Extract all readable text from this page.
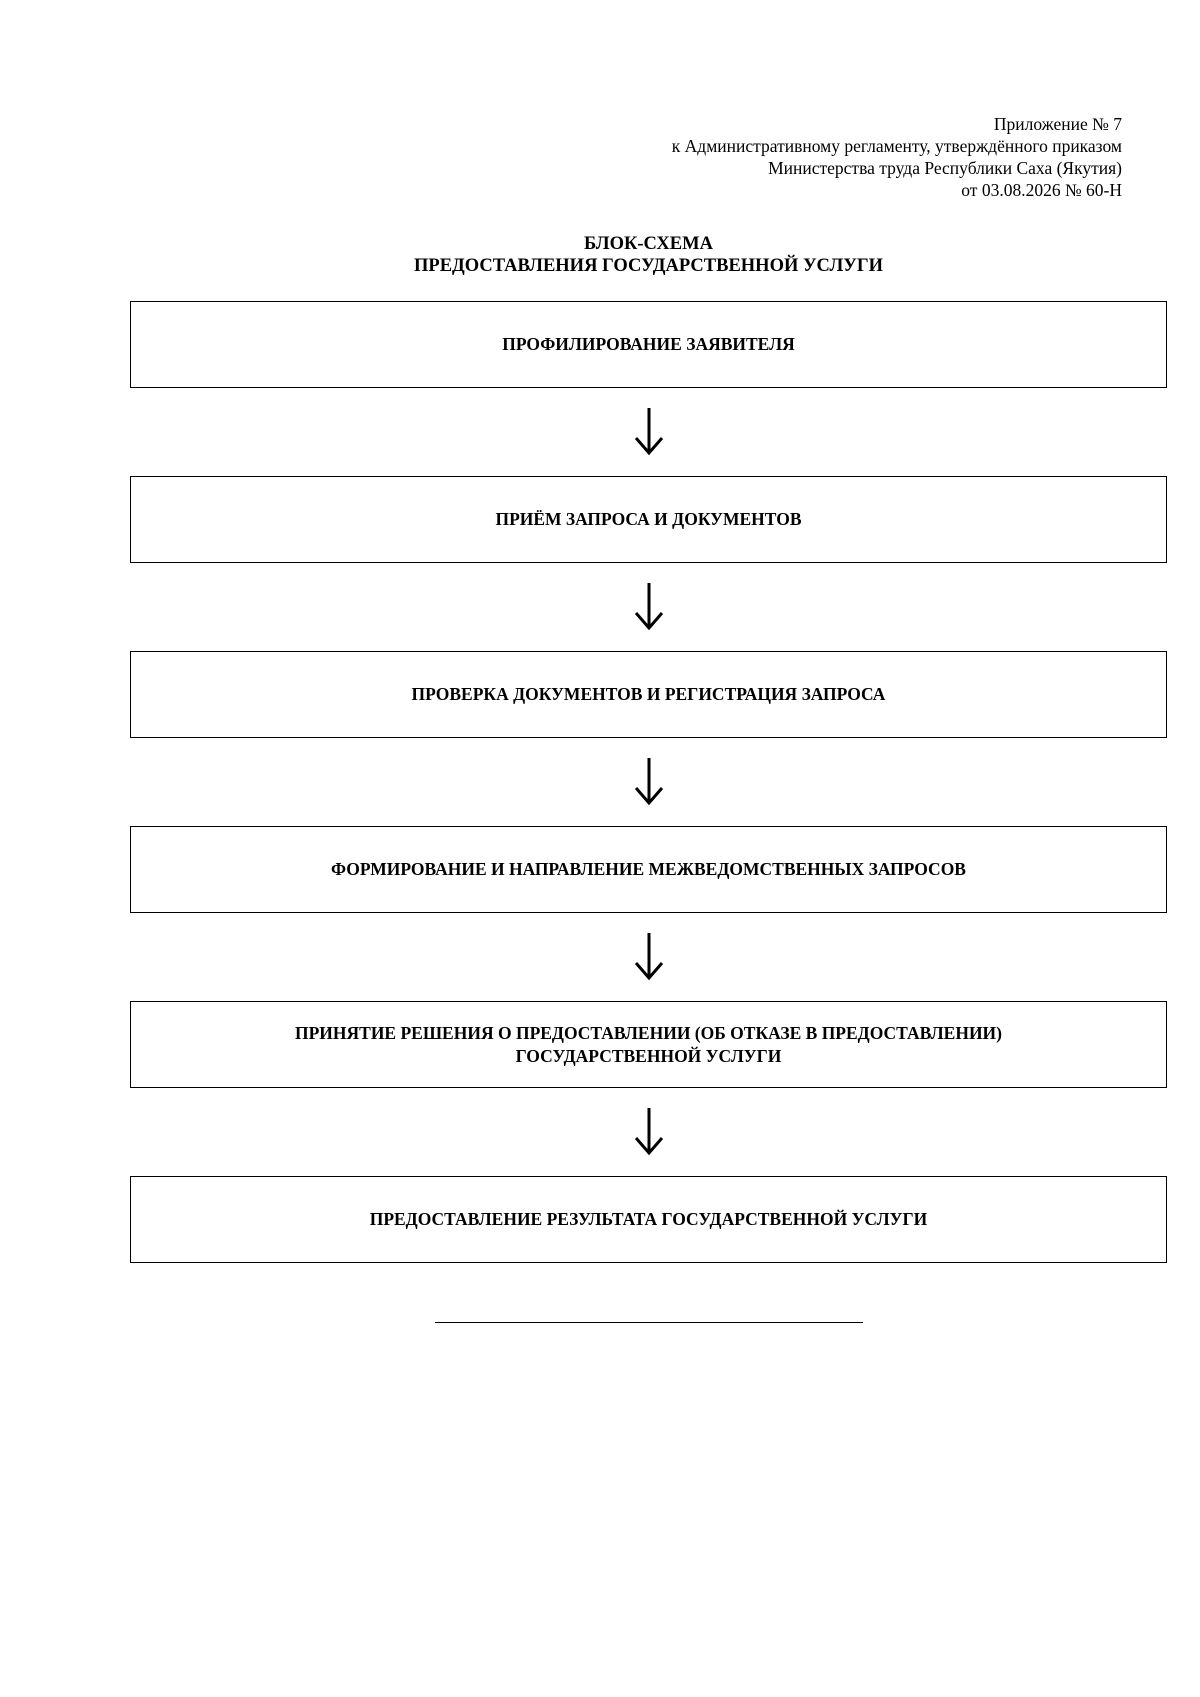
Приложение № 7
к Административному регламенту, утверждённого приказом
Министерства труда Республики Саха (Якутия)
от 03.08.2026 № 60-Н
БЛОК-СХЕМА
ПРЕДОСТАВЛЕНИЯ ГОСУДАРСТВЕННОЙ УСЛУГИ
ПРОФИЛИРОВАНИЕ ЗАЯВИТЕЛЯ
ПРИЁМ ЗАПРОСА И ДОКУМЕНТОВ
ПРОВЕРКА ДОКУМЕНТОВ И РЕГИСТРАЦИЯ ЗАПРОСА
ФОРМИРОВАНИЕ И НАПРАВЛЕНИЕ МЕЖВЕДОМСТВЕННЫХ ЗАПРОСОВ
ПРИНЯТИЕ РЕШЕНИЯ О ПРЕДОСТАВЛЕНИИ (ОБ ОТКАЗЕ В ПРЕДОСТАВЛЕНИИ)
ГОСУДАРСТВЕННОЙ УСЛУГИ
ПРЕДОСТАВЛЕНИЕ РЕЗУЛЬТАТА ГОСУДАРСТВЕННОЙ УСЛУГИ
